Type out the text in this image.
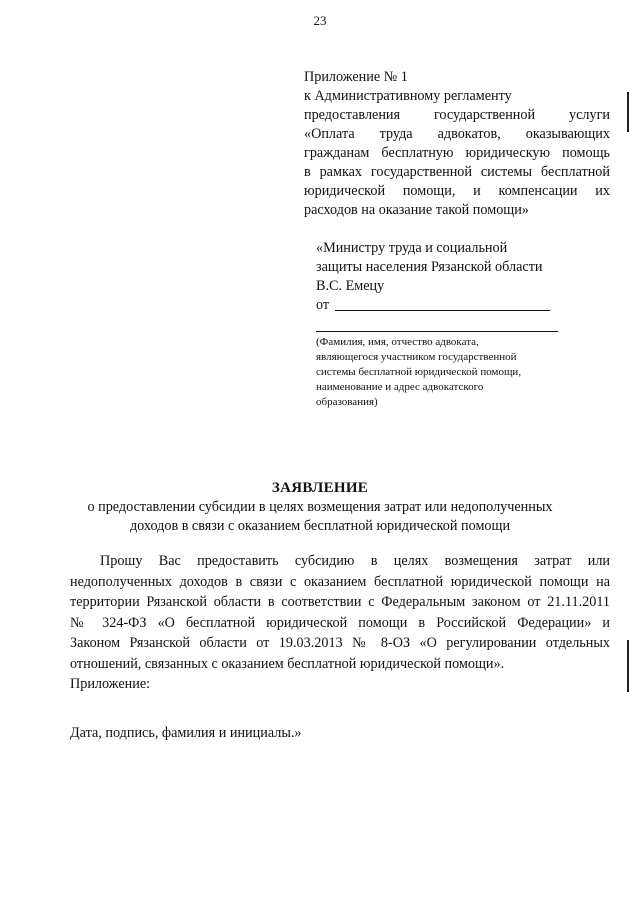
23
Приложение № 1
к Административному регламенту
предоставления государственной услуги
«Оплата труда адвокатов, оказывающих
гражданам бесплатную юридическую помощь
в рамках государственной системы бесплатной
юридической помощи, и компенсации их
расходов на оказание такой помощи»
«Министру труда и социальной
защиты населения Рязанской области
В.С. Емецу
от
(Фамилия, имя, отчество адвоката,
являющегося участником государственной
системы бесплатной юридической помощи,
наименование и адрес адвокатского
образования)
ЗАЯВЛЕНИЕ
о предоставлении субсидии в целях возмещения затрат или недополученных
доходов в связи с оказанием бесплатной юридической помощи
Прошу Вас предоставить субсидию в целях возмещения затрат или
недополученных доходов в связи с оказанием бесплатной юридической помощи на
территории Рязанской области в соответствии с Федеральным законом от 21.11.2011
№ 324-ФЗ «О бесплатной юридической помощи в Российской Федерации» и
Законом Рязанской области от 19.03.2013 № 8-ОЗ «О регулировании отдельных
отношений, связанных с оказанием бесплатной юридической помощи».
Приложение:
Дата, подпись, фамилия и инициалы.»
